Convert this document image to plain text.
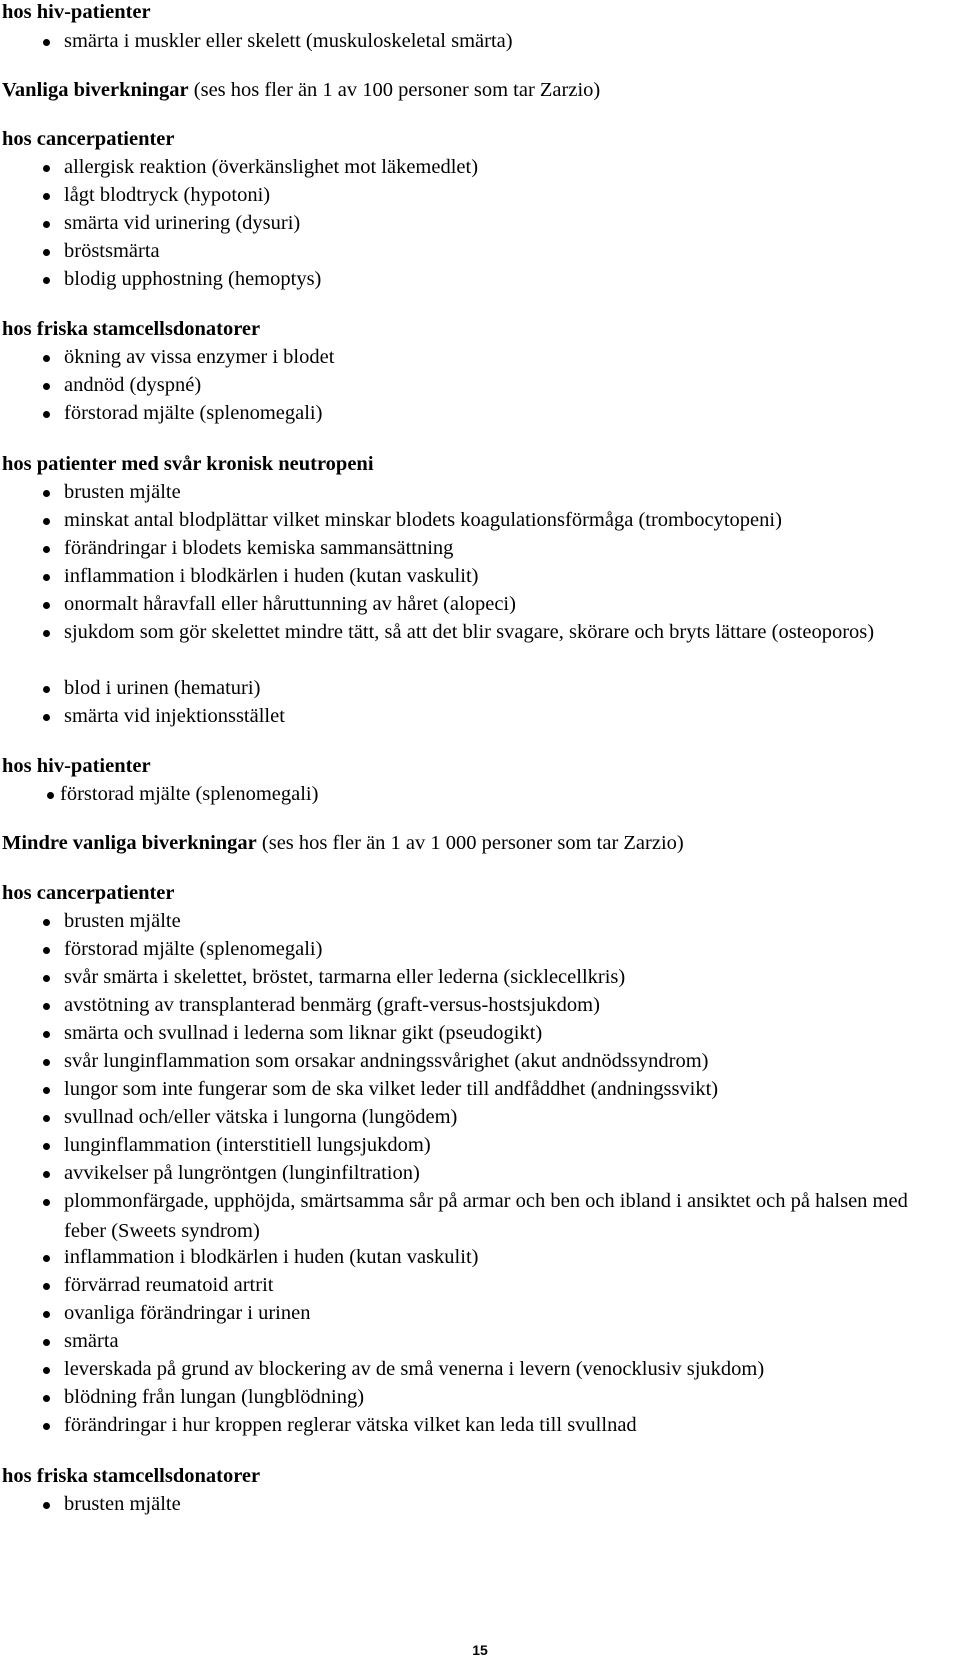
hos hiv-patienter
smärta i muskler eller skelett (muskuloskeletal smärta)
Vanliga biverkningar (ses hos fler än 1 av 100 personer som tar Zarzio)
hos cancerpatienter
allergisk reaktion (överkänslighet mot läkemedlet)
lågt blodtryck (hypotoni)
smärta vid urinering (dysuri)
bröstsmärta
blodig upphostning (hemoptys)
hos friska stamcellsdonatorer
ökning av vissa enzymer i blodet
andnöd (dyspné)
förstorad mjälte (splenomegali)
hos patienter med svår kronisk neutropeni
brusten mjälte
minskat antal blodplättar vilket minskar blodets koagulationsförmåga (trombocytopeni)
förändringar i blodets kemiska sammansättning
inflammation i blodkärlen i huden (kutan vaskulit)
onormalt håravfall eller håruttunning av håret (alopeci)
sjukdom som gör skelettet mindre tätt, så att det blir svagare, skörare och bryts lättare (osteoporos)
blod i urinen (hematuri)
smärta vid injektionsstället
hos hiv-patienter
förstorad mjälte (splenomegali)
Mindre vanliga biverkningar (ses hos fler än 1 av 1 000 personer som tar Zarzio)
hos cancerpatienter
brusten mjälte
förstorad mjälte (splenomegali)
svår smärta i skelettet, bröstet, tarmarna eller lederna (sicklecellkris)
avstötning av transplanterad benmärg (graft-versus-hostsjukdom)
smärta och svullnad i lederna som liknar gikt (pseudogikt)
svår lunginflammation som orsakar andningssvårighet (akut andnödssyndrom)
lungor som inte fungerar som de ska vilket leder till andfåddhet (andningssvikt)
svullnad och/eller vätska i lungorna (lungödem)
lunginflammation (interstitiell lungsjukdom)
avvikelser på lungröntgen (lunginfiltration)
plommonfärgade, upphöjda, smärtsamma sår på armar och ben och ibland i ansiktet och på halsen med feber (Sweets syndrom)
inflammation i blodkärlen i huden (kutan vaskulit)
förvärrad reumatoid artrit
ovanliga förändringar i urinen
smärta
leverskada på grund av blockering av de små venerna i levern (venocklusiv sjukdom)
blödning från lungan (lungblödning)
förändringar i hur kroppen reglerar vätska vilket kan leda till svullnad
hos friska stamcellsdonatorer
brusten mjälte
15
